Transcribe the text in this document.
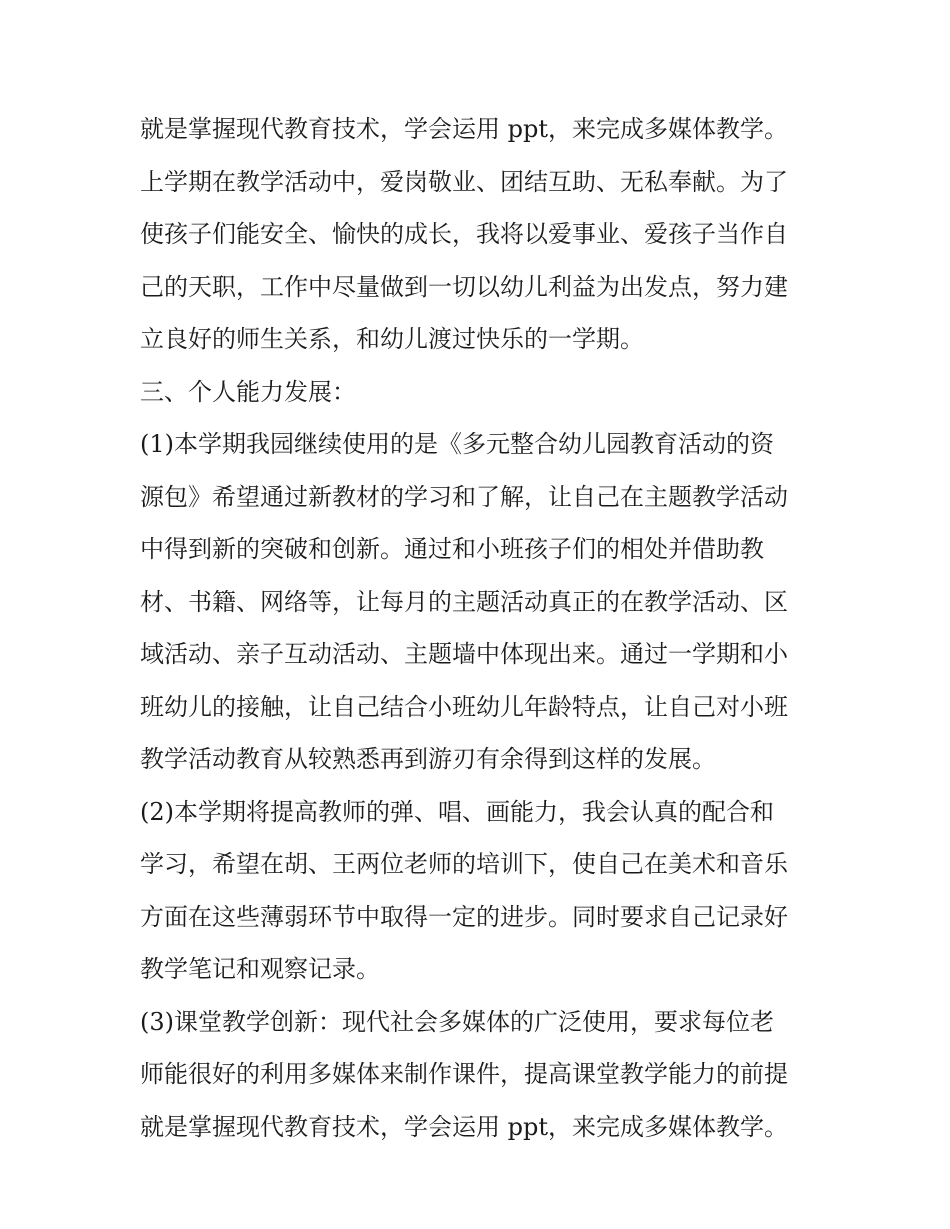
就是掌握现代教育技术，学会运用 ppt，来完成多媒体教学。
上学期在教学活动中，爱岗敬业、团结互助、无私奉献。为了
使孩子们能安全、愉快的成长，我将以爱事业、爱孩子当作自
己的天职，工作中尽量做到一切以幼儿利益为出发点，努力建
立良好的师生关系，和幼儿渡过快乐的一学期。
三、个人能力发展：
(1)本学期我园继续使用的是《多元整合幼儿园教育活动的资
源包》希望通过新教材的学习和了解，让自己在主题教学活动
中得到新的突破和创新。通过和小班孩子们的相处并借助教
材、书籍、网络等，让每月的主题活动真正的在教学活动、区
域活动、亲子互动活动、主题墙中体现出来。通过一学期和小
班幼儿的接触，让自己结合小班幼儿年龄特点，让自己对小班
教学活动教育从较熟悉再到游刃有余得到这样的发展。
(2)本学期将提高教师的弹、唱、画能力，我会认真的配合和
学习，希望在胡、王两位老师的培训下，使自己在美术和音乐
方面在这些薄弱环节中取得一定的进步。同时要求自己记录好
教学笔记和观察记录。
(3)课堂教学创新：现代社会多媒体的广泛使用，要求每位老
师能很好的利用多媒体来制作课件，提高课堂教学能力的前提
就是掌握现代教育技术，学会运用 ppt，来完成多媒体教学。
